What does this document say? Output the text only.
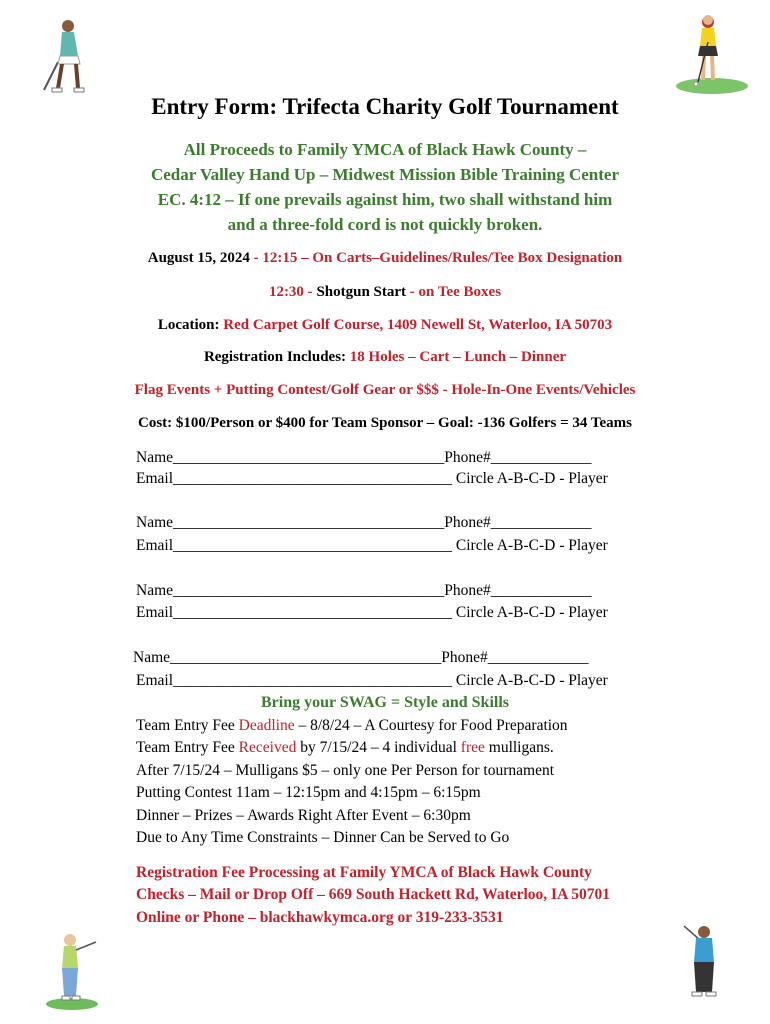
Entry Form: Trifecta Charity Golf Tournament
All Proceeds to Family YMCA of Black Hawk County –
Cedar Valley Hand Up – Midwest Mission Bible Training Center
EC. 4:12 – If one prevails against him, two shall withstand him
and a three-fold cord is not quickly broken.
August 15, 2024 - 12:15 – On Carts–Guidelines/Rules/Tee Box Designation
12:30 - Shotgun Start - on Tee Boxes
Location: Red Carpet Golf Course, 1409 Newell St, Waterloo, IA 50703
Registration Includes: 18 Holes – Cart – Lunch – Dinner
Flag Events + Putting Contest/Golf Gear or $$$ - Hole-In-One Events/Vehicles
Cost: $100/Person or $400 for Team Sponsor – Goal: -136 Golfers = 34 Teams
Name___________________________________Phone#_____________
Email____________________________________ Circle A-B-C-D - Player
Name___________________________________Phone#_____________
Email____________________________________ Circle A-B-C-D - Player
Name___________________________________Phone#_____________
Email____________________________________ Circle A-B-C-D - Player
Name___________________________________Phone#_____________
Email____________________________________ Circle A-B-C-D - Player
Bring your SWAG = Style and Skills
Team Entry Fee Deadline – 8/8/24 – A Courtesy for Food Preparation
Team Entry Fee Received by 7/15/24 – 4 individual free mulligans.
After 7/15/24 – Mulligans $5 – only one Per Person for tournament
Putting Contest 11am – 12:15pm and 4:15pm – 6:15pm
Dinner – Prizes – Awards Right After Event – 6:30pm
Due to Any Time Constraints – Dinner Can be Served to Go
Registration Fee Processing at Family YMCA of Black Hawk County
Checks – Mail or Drop Off – 669 South Hackett Rd, Waterloo, IA 50701
Online or Phone – blackhawkymca.org or 319-233-3531
